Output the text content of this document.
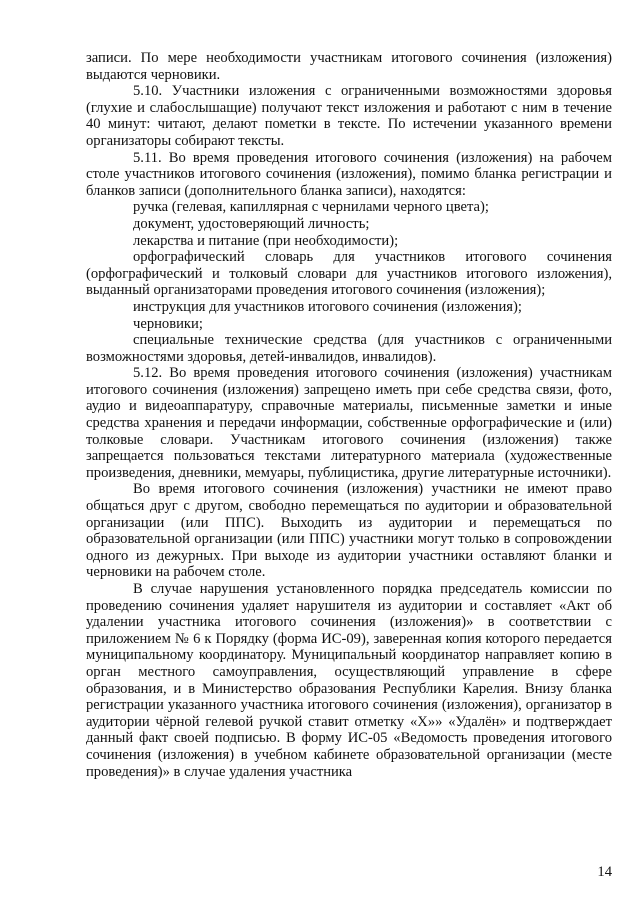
записи. По мере необходимости участникам итогового сочинения (изложения) выдаются черновики.

5.10. Участники изложения с ограниченными возможностями здоровья (глухие и слабослышащие) получают текст изложения и работают с ним в течение 40 минут: читают, делают пометки в тексте. По истечении указанного времени организаторы собирают тексты.

5.11. Во время проведения итогового сочинения (изложения) на рабочем столе участников итогового сочинения (изложения), помимо бланка регистрации и бланков записи (дополнительного бланка записи), находятся:

ручка (гелевая, капиллярная с чернилами черного цвета);

документ, удостоверяющий личность;

лекарства и питание (при необходимости);

орфографический словарь для участников итогового сочинения (орфографический и толковый словари для участников итогового изложения), выданный организаторами проведения итогового сочинения (изложения);

инструкция для участников итогового сочинения (изложения);

черновики;

специальные технические средства (для участников с ограниченными возможностями здоровья, детей-инвалидов, инвалидов).

5.12. Во время проведения итогового сочинения (изложения) участникам итогового сочинения (изложения) запрещено иметь при себе средства связи, фото, аудио и видеоаппаратуру, справочные материалы, письменные заметки и иные средства хранения и передачи информации, собственные орфографические и (или) толковые словари. Участникам итогового сочинения (изложения) также запрещается пользоваться текстами литературного материала (художественные произведения, дневники, мемуары, публицистика, другие литературные источники).

Во время итогового сочинения (изложения) участники не имеют право общаться друг с другом, свободно перемещаться по аудитории и образовательной организации (или ППС). Выходить из аудитории и перемещаться по образовательной организации (или ППС) участники могут только в сопровождении одного из дежурных. При выходе из аудитории участники оставляют бланки и черновики на рабочем столе.

В случае нарушения установленного порядка председатель комиссии по проведению сочинения удаляет нарушителя из аудитории и составляет «Акт об удалении участника итогового сочинения (изложения)» в соответствии с приложением № 6 к Порядку (форма ИС-09), заверенная копия которого передается муниципальному координатору. Муниципальный координатор направляет копию в орган местного самоуправления, осуществляющий управление в сфере образования, и в Министерство образования Республики Карелия. Внизу бланка регистрации указанного участника итогового сочинения (изложения), организатор в аудитории чёрной гелевой ручкой ставит отметку «Х»» «Удалён» и подтверждает данный факт своей подписью. В форму ИС-05 «Ведомость проведения итогового сочинения (изложения) в учебном кабинете образовательной организации (месте проведения)» в случае удаления участника

14
